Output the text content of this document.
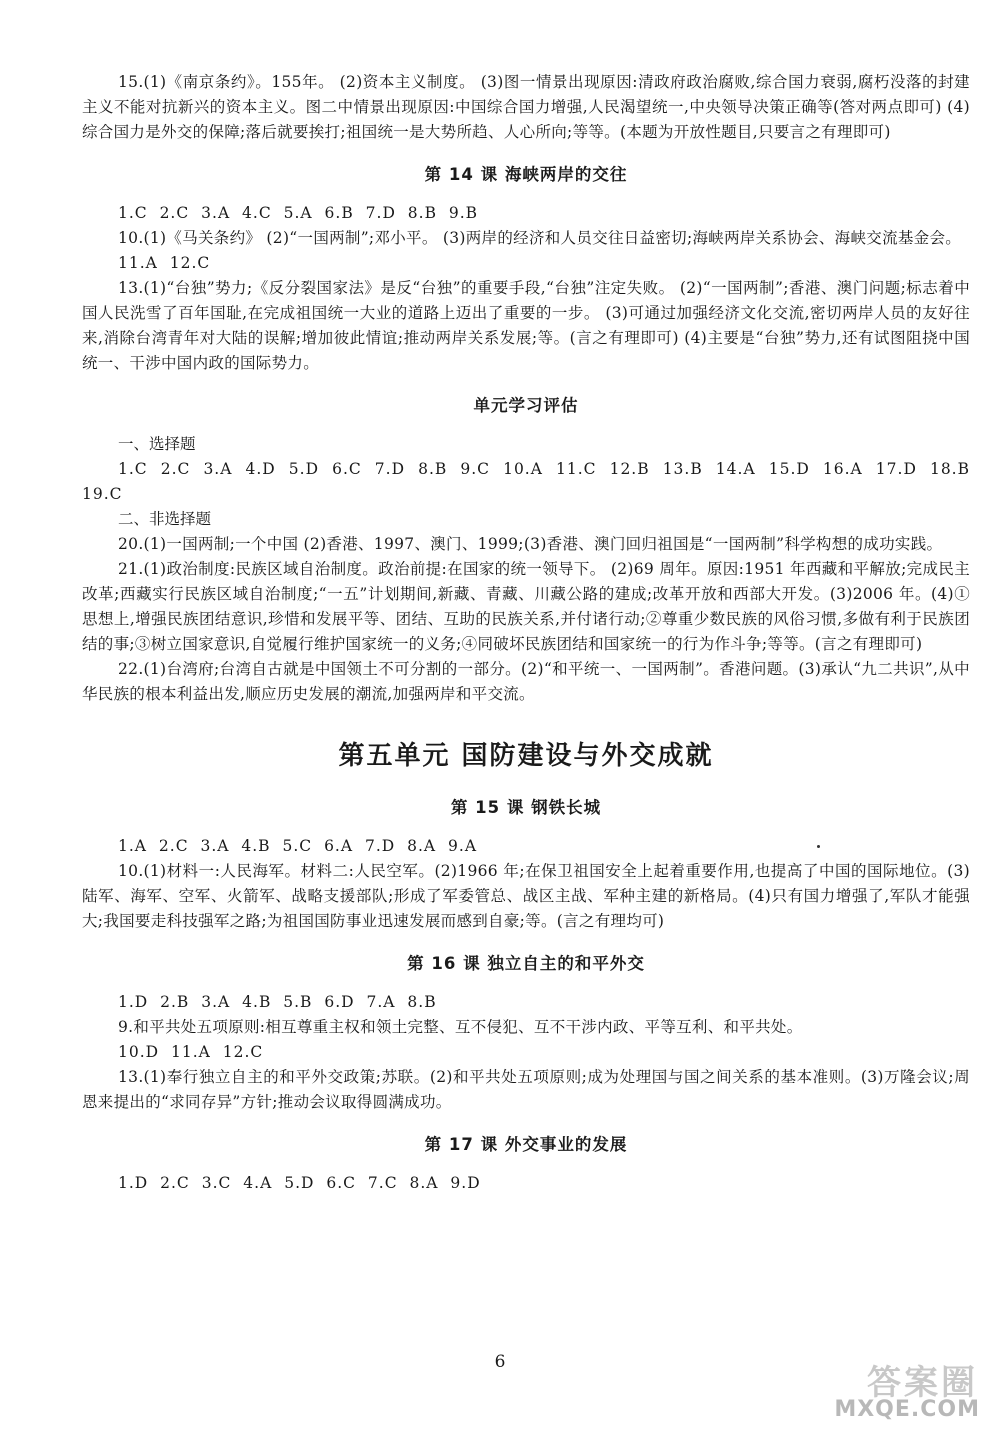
15.(1)《南京条约》。155年。 (2)资本主义制度。 (3)图一情景出现原因:清政府政治腐败,综合国力衰弱,腐朽没落的封建主义不能对抗新兴的资本主义。图二中情景出现原因:中国综合国力增强,人民渴望统一,中央领导决策正确等(答对两点即可) (4)综合国力是外交的保障;落后就要挨打;祖国统一是大势所趋、人心所向;等等。(本题为开放性题目,只要言之有理即可)

第 14 课 海峡两岸的交往
1.C 2.C 3.A 4.C 5.A 6.B 7.D 8.B 9.B

10.(1)《马关条约》 (2)“一国两制”;邓小平。 (3)两岸的经济和人员交往日益密切;海峡两岸关系协会、海峡交流基金会。

11.A 12.C

13.(1)“台独”势力;《反分裂国家法》是反“台独”的重要手段,“台独”注定失败。 (2)“一国两制”;香港、澳门问题;标志着中国人民洗雪了百年国耻,在完成祖国统一大业的道路上迈出了重要的一步。 (3)可通过加强经济文化交流,密切两岸人员的友好往来,消除台湾青年对大陆的误解;增加彼此情谊;推动两岸关系发展;等。(言之有理即可) (4)主要是“台独”势力,还有试图阻挠中国统一、干涉中国内政的国际势力。

单元学习评估
一、选择题

1.C 2.C 3.A 4.D 5.D 6.C 7.D 8.B 9.C 10.A 11.C 12.B 13.B 14.A 15.D 16.A 17.D 18.B 19.C

二、非选择题

20.(1)一国两制;一个中国 (2)香港、1997、澳门、1999;(3)香港、澳门回归祖国是“一国两制”科学构想的成功实践。

21.(1)政治制度:民族区域自治制度。政治前提:在国家的统一领导下。 (2)69 周年。原因:1951 年西藏和平解放;完成民主改革;西藏实行民族区域自治制度;“一五”计划期间,新藏、青藏、川藏公路的建成;改革开放和西部大开发。(3)2006 年。(4)①思想上,增强民族团结意识,珍惜和发展平等、团结、互助的民族关系,并付诸行动;②尊重少数民族的风俗习惯,多做有利于民族团结的事;③树立国家意识,自觉履行维护国家统一的义务;④同破坏民族团结和国家统一的行为作斗争;等等。(言之有理即可)

22.(1)台湾府;台湾自古就是中国领土不可分割的一部分。(2)“和平统一、一国两制”。香港问题。(3)承认“九二共识”,从中华民族的根本利益出发,顺应历史发展的潮流,加强两岸和平交流。

第五单元 国防建设与外交成就
第 15 课 钢铁长城
1.A 2.C 3.A 4.B 5.C 6.A 7.D 8.A 9.A

10.(1)材料一:人民海军。材料二:人民空军。(2)1966 年;在保卫祖国安全上起着重要作用,也提高了中国的国际地位。(3)陆军、海军、空军、火箭军、战略支援部队;形成了军委管总、战区主战、军种主建的新格局。(4)只有国力增强了,军队才能强大;我国要走科技强军之路;为祖国国防事业迅速发展而感到自豪;等。(言之有理均可)

第 16 课 独立自主的和平外交
1.D 2.B 3.A 4.B 5.B 6.D 7.A 8.B

9.和平共处五项原则:相互尊重主权和领土完整、互不侵犯、互不干涉内政、平等互利、和平共处。

10.D 11.A 12.C

13.(1)奉行独立自主的和平外交政策;苏联。(2)和平共处五项原则;成为处理国与国之间关系的基本准则。(3)万隆会议;周恩来提出的“求同存异”方针;推动会议取得圆满成功。

第 17 课 外交事业的发展
1.D 2.C 3.C 4.A 5.D 6.C 7.C 8.A 9.D
6
答案圈
MXQE.COM
